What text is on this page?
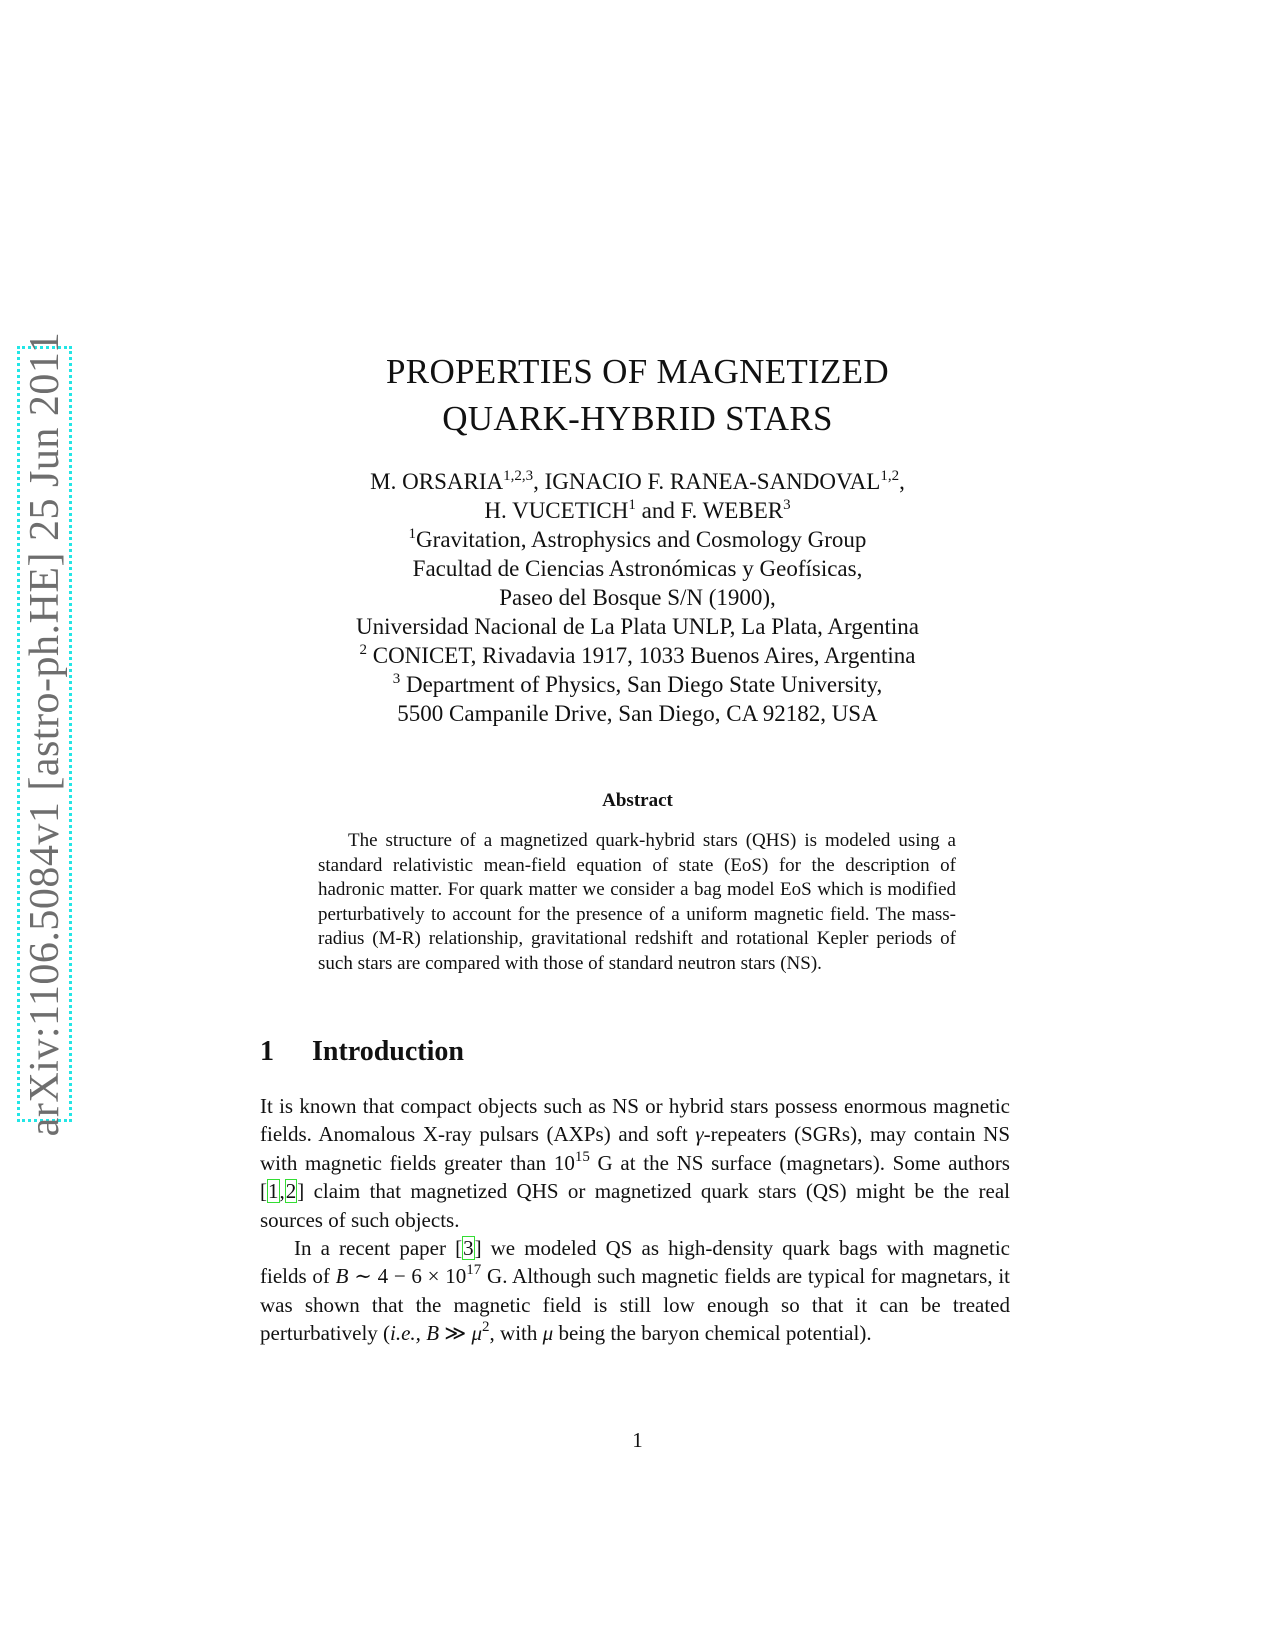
arXiv:1106.5084v1 [astro-ph.HE] 25 Jun 2011	PROPERTIES OF MAGNETIZED
QUARK-HYBRID STARS
M. ORSARIA$^{1,2,3}$, IGNACIO F. RANEA-SANDOVAL$^{1,2}$,
H. VUCETICH$^1$ and F. WEBER$^3$
$^1$Gravitation, Astrophysics and Cosmology Group
Facultad de Ciencias Astronómicas y Geofísicas,
Paseo del Bosque S/N (1900),
Universidad Nacional de La Plata UNLP, La Plata, Argentina
$^2$ CONICET, Rivadavia 1917, 1033 Buenos Aires, Argentina
$^3$ Department of Physics, San Diego State University,
5500 Campanile Drive, San Diego, CA 92182, USA
Abstract

The structure of a magnetized quark-hybrid stars (QHS) is modeled using a standard relativistic mean-field equation of state (EoS) for the description of hadronic matter. For quark matter we consider a bag model EoS which is modified perturbatively to account for the presence of a uniform magnetic field. The mass-radius (M-R) relationship, gravitational redshift and rotational Kepler periods of such stars are compared with those of standard neutron stars (NS).

1 Introduction

It is known that compact objects such as NS or hybrid stars possess enormous magnetic fields. Anomalous X-ray pulsars (AXPs) and soft γ-repeaters (SGRs), may contain NS with magnetic fields greater than $10^{15}$ G at the NS surface (magnetars). Some authors [1,2] claim that magnetized QHS or magnetized quark stars (QS) might be the real sources of such objects.

In a recent paper [3] we modeled QS as high-density quark bags with magnetic fields of B ∼ $4 - 6 \times 10^{17}$ G. Although such magnetic fields are typical for magnetars, it was shown that the magnetic field is still low enough so that it can be treated perturbatively (i.e., B ≫ $\mu^2$, with μ being the baryon chemical potential).

1
